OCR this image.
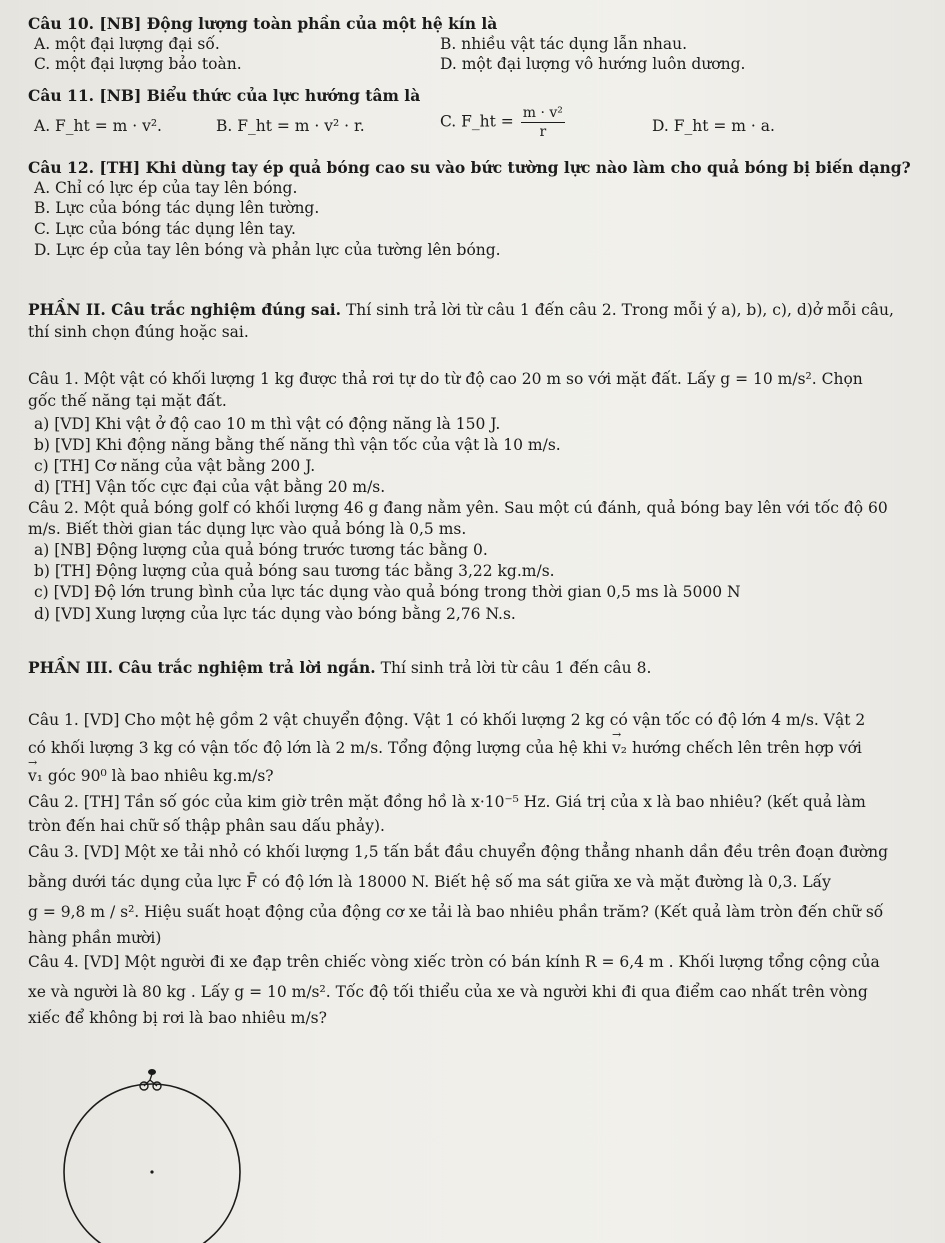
Câu 10. [NB] Động lượng toàn phần của một hệ kín là
A. một đại lượng đại số.	B. nhiều vật tác dụng lẫn nhau.
C. một đại lượng bảo toàn.	D. một đại lượng vô hướng luôn dương.
Câu 11. [NB] Biểu thức của lực hướng tâm là
A. F_ht = m · v².	B. F_ht = m · v² · r.	C. F_ht = $\frac{\text{m · v²}}{r}$	D. F_ht = m · a.
Câu 12. [TH] Khi dùng tay ép quả bóng cao su vào bức tường lực nào làm cho quả bóng bị biến dạng?
A. Chỉ có lực ép của tay lên bóng.
B. Lực của bóng tác dụng lên tường.
C. Lực của bóng tác dụng lên tay.
D. Lực ép của tay lên bóng và phản lực của tường lên bóng.
PHẦN II. Câu trắc nghiệm đúng sai. Thí sinh trả lời từ câu 1 đến câu 2. Trong mỗi ý a), b), c), d)ở mỗi câu,
thí sinh chọn đúng hoặc sai.
Câu 1. Một vật có khối lượng 1 kg được thả rơi tự do từ độ cao 20 m so với mặt đất. Lấy g = 10 m/s². Chọn
gốc thế năng tại mặt đất.
a) [VD] Khi vật ở độ cao 10 m thì vật có động năng là 150 J.
b) [VD] Khi động năng bằng thế năng thì vận tốc của vật là 10 m/s.
c) [TH] Cơ năng của vật bằng 200 J.
d) [TH] Vận tốc cực đại của vật bằng 20 m/s.
Câu 2. Một quả bóng golf có khối lượng 46 g đang nằm yên. Sau một cú đánh, quả bóng bay lên với tốc độ 60
m/s. Biết thời gian tác dụng lực vào quả bóng là 0,5 ms.
a) [NB] Động lượng của quả bóng trước tương tác bằng 0.
b) [TH] Động lượng của quả bóng sau tương tác bằng 3,22 kg.m/s.
c) [VD] Độ lớn trung bình của lực tác dụng vào quả bóng trong thời gian 0,5 ms là 5000 N
d) [VD] Xung lượng của lực tác dụng vào bóng bằng 2,76 N.s.
PHẦN III. Câu trắc nghiệm trả lời ngắn. Thí sinh trả lời từ câu 1 đến câu 8.
Câu 1. [VD] Cho một hệ gồm 2 vật chuyển động. Vật 1 có khối lượng 2 kg có vận tốc có độ lớn 4 m/s. Vật 2
có khối lượng 3 kg có vận tốc độ lớn là 2 m/s. Tổng động lượng của hệ khi → v₂ hướng chếch lên trên hợp với
→ v₁ góc 90⁰ là bao nhiêu kg.m/s?
Câu 2. [TH] Tần số góc của kim giờ trên mặt đồng hồ là x·10⁻⁵ Hz. Giá trị của x là bao nhiêu? (kết quả làm
tròn đến hai chữ số thập phân sau dấu phảy).
Câu 3. [VD] Một xe tải nhỏ có khối lượng 1,5 tấn bắt đầu chuyển động thẳng nhanh dần đều trên đoạn đường
bằng dưới tác dụng của lực F̄ có độ lớn là 18000 N. Biết hệ số ma sát giữa xe và mặt đường là 0,3. Lấy
g = 9,8 m / s². Hiệu suất hoạt động của động cơ xe tải là bao nhiêu phần trăm? (Kết quả làm tròn đến chữ số
hàng phần mười)
Câu 4. [VD] Một người đi xe đạp trên chiếc vòng xiếc tròn có bán kính R = 6,4 m . Khối lượng tổng cộng của
xe và người là 80 kg . Lấy g = 10 m/s². Tốc độ tối thiểu của xe và người khi đi qua điểm cao nhất trên vòng
xiếc để không bị rơi là bao nhiêu m/s?
